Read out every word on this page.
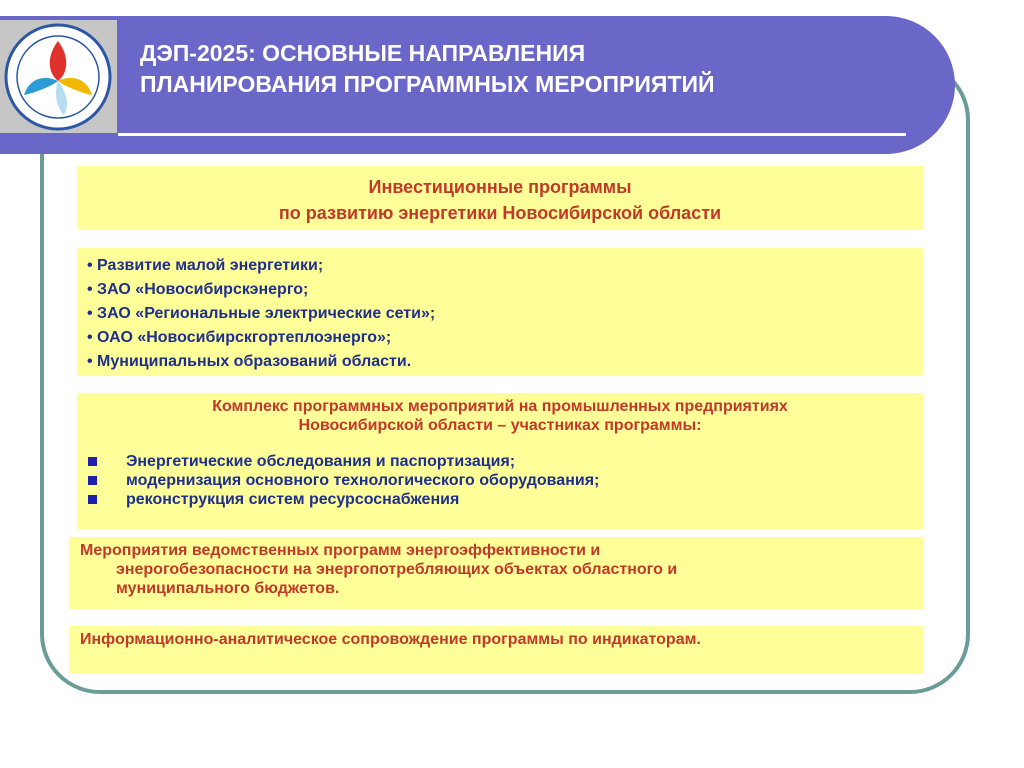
ДЭП-2025: ОСНОВНЫЕ НАПРАВЛЕНИЯ
ПЛАНИРОВАНИЯ ПРОГРАММНЫХ МЕРОПРИЯТИЙ
Инвестиционные программы
по развитию энергетики Новосибирской области
• Развитие малой энергетики;
• ЗАО «Новосибирскэнерго;
• ЗАО «Региональные электрические сети»;
• ОАО «Новосибирскгортеплоэнерго»;
• Муниципальных образований области.
Комплекс программных мероприятий на промышленных предприятиях
Новосибирской области – участниках программы:
Энергетические обследования и паспортизация;
модернизация основного технологического оборудования;
реконструкция систем ресурсоснабжения
Мероприятия ведомственных программ энергоэффективности и
энерогобезопасности на энергопотребляющих объектах областного и
муниципального бюджетов.
Информационно-аналитическое сопровождение программы по индикаторам.
